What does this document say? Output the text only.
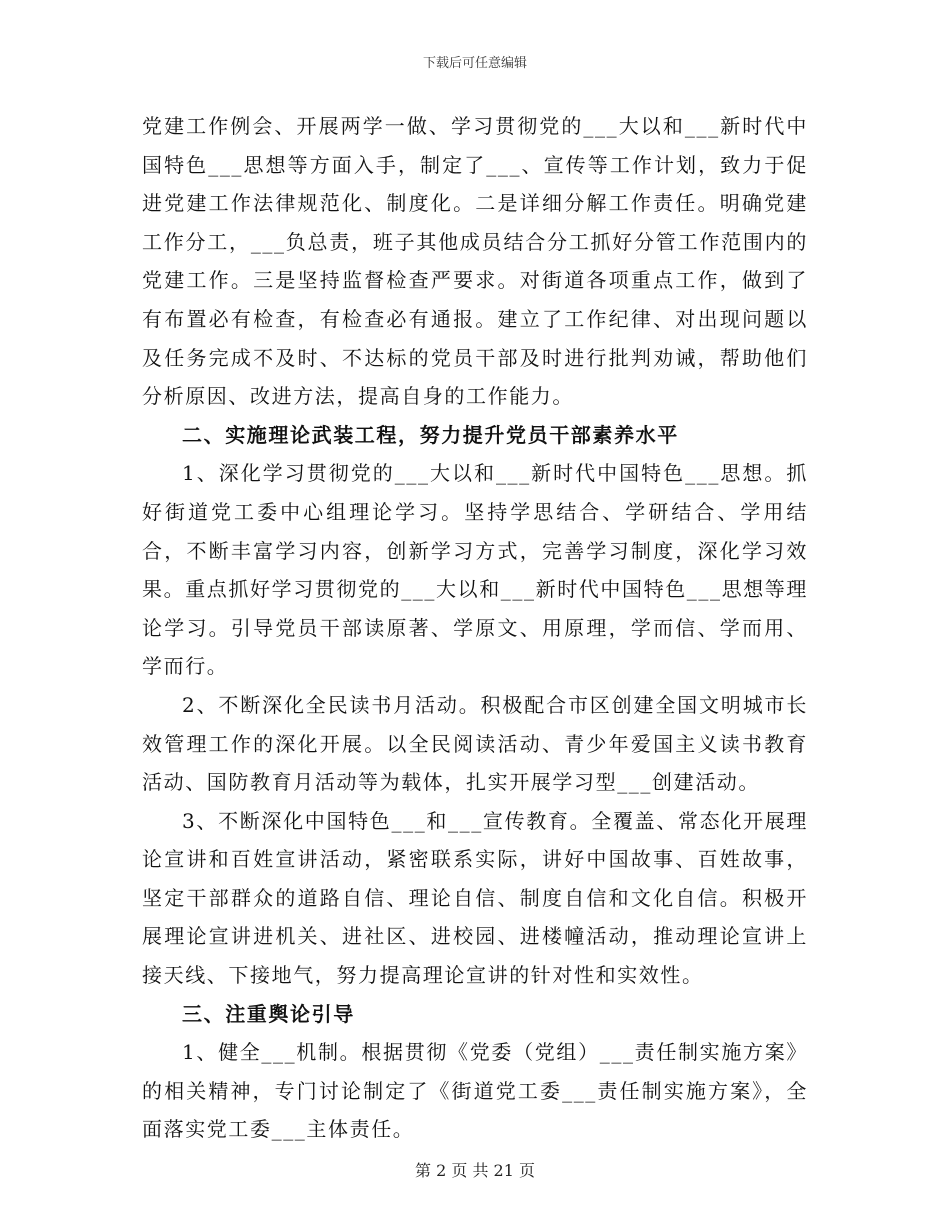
下载后可任意编辑

党建工作例会、开展两学一做、学习贯彻党的___大以和___新时代中国特色___思想等方面入手，制定了___、宣传等工作计划，致力于促进党建工作法律规范化、制度化。二是详细分解工作责任。明确党建工作分工，___负总责，班子其他成员结合分工抓好分管工作范围内的党建工作。三是坚持监督检查严要求。对街道各项重点工作，做到了有布置必有检查，有检查必有通报。建立了工作纪律、对出现问题以及任务完成不及时、不达标的党员干部及时进行批判劝诫，帮助他们分析原因、改进方法，提高自身的工作能力。

二、实施理论武装工程，努力提升党员干部素养水平

1、深化学习贯彻党的___大以和___新时代中国特色___思想。抓好街道党工委中心组理论学习。坚持学思结合、学研结合、学用结合，不断丰富学习内容，创新学习方式，完善学习制度，深化学习效果。重点抓好学习贯彻党的___大以和___新时代中国特色___思想等理论学习。引导党员干部读原著、学原文、用原理，学而信、学而用、学而行。

2、不断深化全民读书月活动。积极配合市区创建全国文明城市长效管理工作的深化开展。以全民阅读活动、青少年爱国主义读书教育活动、国防教育月活动等为载体，扎实开展学习型___创建活动。

3、不断深化中国特色___和___宣传教育。全覆盖、常态化开展理论宣讲和百姓宣讲活动，紧密联系实际，讲好中国故事、百姓故事，坚定干部群众的道路自信、理论自信、制度自信和文化自信。积极开展理论宣讲进机关、进社区、进校园、进楼幢活动，推动理论宣讲上接天线、下接地气，努力提高理论宣讲的针对性和实效性。

三、注重舆论引导

1、健全___机制。根据贯彻《党委（党组）___责任制实施方案》的相关精神，专门讨论制定了《街道党工委___责任制实施方案》，全面落实党工委___主体责任。

第 2 页 共 21 页
